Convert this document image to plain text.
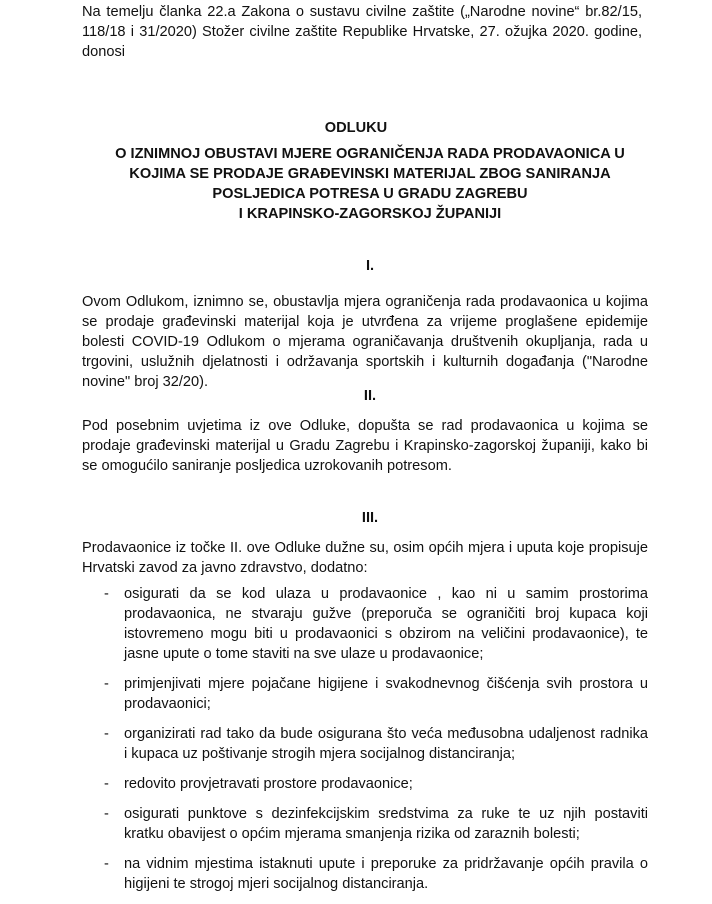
Na temelju članka 22.a Zakona o sustavu civilne zaštite („Narodne novine“ br.82/15,
118/18 i 31/2020) Stožer civilne zaštite Republike Hrvatske, 27. ožujka 2020. godine,
donosi
ODLUKU
O IZNIMNOJ OBUSTAVI MJERE OGRANIČENJA RADA PRODAVAONICA U
KOJIMA SE PRODAJE GRAĐEVINSKI MATERIJAL ZBOG SANIRANJA
POSLJEDICA POTRESA U GRADU ZAGREBU
I KRAPINSKO-ZAGORSKOJ ŽUPANIJI
I.
Ovom Odlukom, iznimno se, obustavlja mjera ograničenja rada prodavaonica u kojima
se prodaje građevinski materijal koja je utvrđena za vrijeme proglašene epidemije
bolesti COVID-19 Odlukom o mjerama ograničavanja društvenih okupljanja, rada u
trgovini, uslužnih djelatnosti i održavanja sportskih i kulturnih događanja ("Narodne
novine" broj 32/20).
II.
Pod posebnim uvjetima iz ove Odluke, dopušta se rad prodavaonica u kojima se
prodaje građevinski materijal u Gradu Zagrebu i Krapinsko-zagorskoj županiji, kako bi
se omogućilo saniranje posljedica uzrokovanih potresom.
III.
Prodavaonice iz točke II. ove Odluke dužne su, osim općih mjera i uputa koje propisuje
Hrvatski zavod za javno zdravstvo, dodatno:
- osigurati da se kod ulaza u prodavaonice , kao ni u samim prostorima
prodavaonica, ne stvaraju gužve (preporuča se ograničiti broj kupaca koji
istovremeno mogu biti u prodavaonici s obzirom na veličini prodavaonice), te
jasne upute o tome staviti na sve ulaze u prodavaonice;
- primjenjivati mjere pojačane higijene i svakodnevnog čišćenja svih prostora u
prodavaonici;
- organizirati rad tako da bude osigurana što veća međusobna udaljenost radnika
i kupaca uz poštivanje strogih mjera socijalnog distanciranja;
- redovito provjetravati prostore prodavaonice;
- osigurati punktove s dezinfekcijskim sredstvima za ruke te uz njih postaviti
kratku obavijest o općim mjerama smanjenja rizika od zaraznih bolesti;
- na vidnim mjestima istaknuti upute i preporuke za pridržavanje općih pravila o
higijeni te strogoj mjeri socijalnog distanciranja.
